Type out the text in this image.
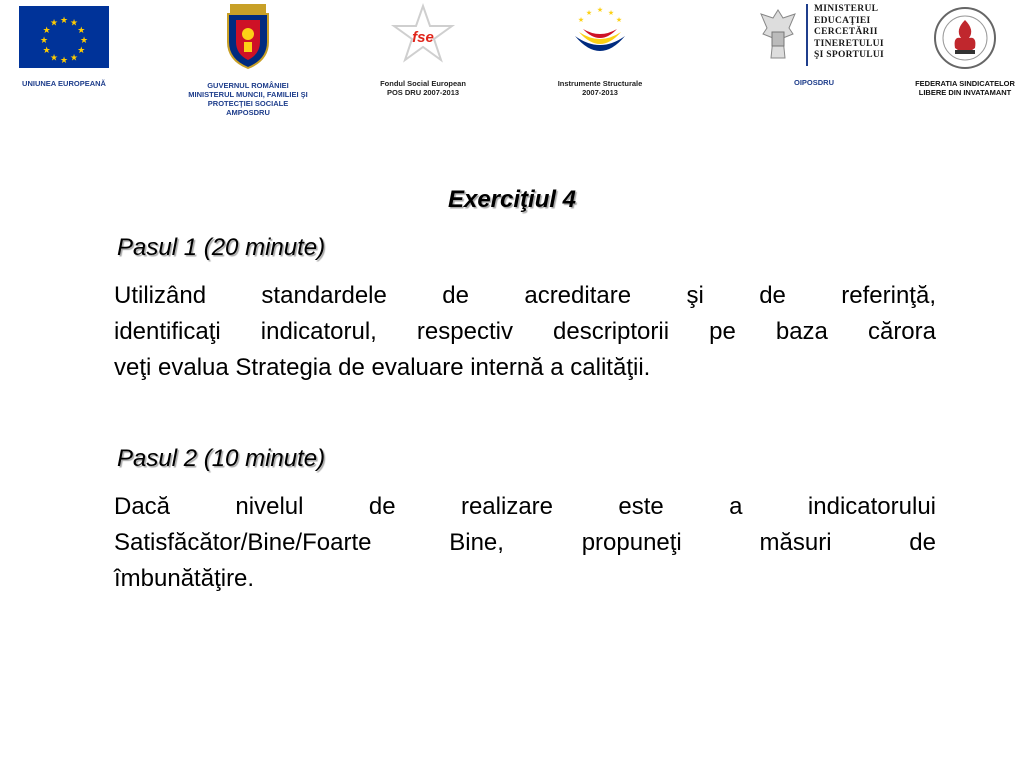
★ ★
★
★
★
★
★
★
★
★
★
★
UNIUNEA EUROPEANĂ	GUVERNUL ROMÂNIEI
MINISTERUL MUNCII, FAMILIEI ŞI
PROTECŢIEI SOCIALE
AMPOSDRU
fse
Fondul Social European
POS DRU 2007-2013
★ ★
★
★
★
Instrumente Structurale
2007-2013
MINISTERUL
EDUCAŢIEI
CERCETĂRII
TINERETULUI
ŞI SPORTULUI
OIPOSDRU	FEDERATIA SINDICATELOR
LIBERE DIN INVATAMANT
Exerciţiul 4
Pasul 1 (20 minute)
Utilizând standardele de acreditare şi de referinţă,
identificaţi indicatorul, respectiv descriptorii pe baza cărora
veţi evalua Strategia de evaluare internă a calităţii.
Pasul 2 (10 minute)
Dacă nivelul de realizare este a indicatorului
Satisfăcător/Bine/Foarte Bine, propuneţi măsuri de
îmbunătăţire.
